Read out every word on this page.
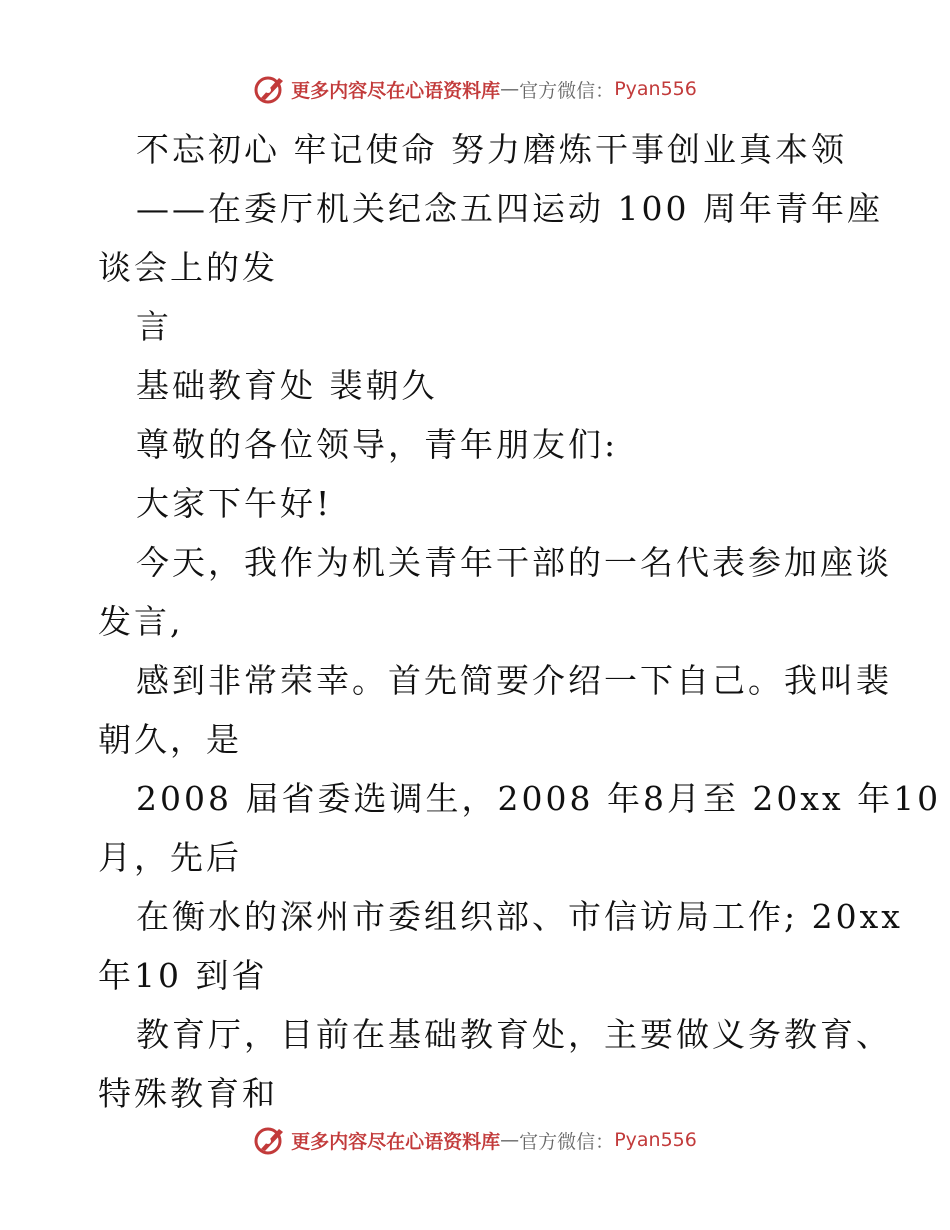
更多内容尽在心语资料库 — 官方微信： Pyan556
不忘初心 牢记使命 努力磨炼干事创业真本领
——在委厅机关纪念五四运动 100 周年青年座
谈会上的发
言
基础教育处 裴朝久
尊敬的各位领导，青年朋友们:
大家下午好!
今天，我作为机关青年干部的一名代表参加座谈
发言,
感到非常荣幸。首先简要介绍一下自己。我叫裴
朝久，是
2008 届省委选调生，2008 年8月至 20xx 年10
月，先后
在衡水的深州市委组织部、市信访局工作; 20xx
年10 到省
教育厅，目前在基础教育处，主要做义务教育、
特殊教育和
更多内容尽在心语资料库 — 官方微信： Pyan556
